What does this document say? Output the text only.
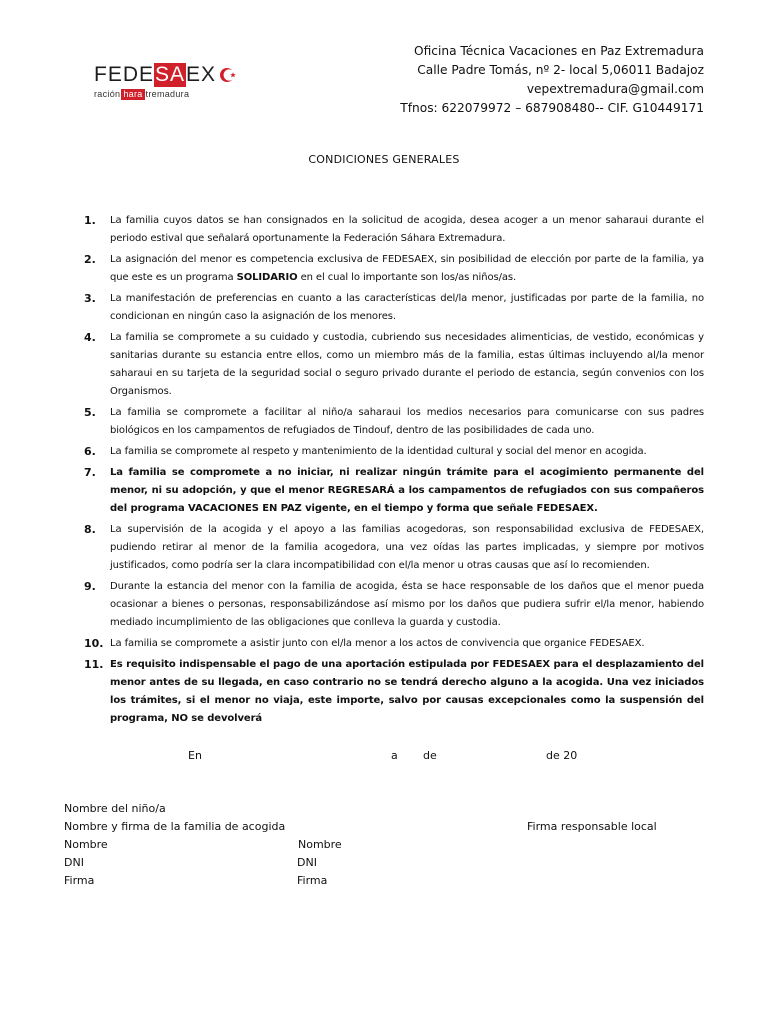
FEDE SA EX
ración hara tremadura
Oficina Técnica Vacaciones en Paz Extremadura
Calle Padre Tomás, nº 2- local 5,06011 Badajoz
vepextremadura@gmail.com
Tfnos: 622079972 – 687908480-- CIF. G10449171
CONDICIONES GENERALES
1.	La familia cuyos datos se han consignados en la solicitud de acogida, desea acoger a un menor saharaui durante el periodo estival que señalará oportunamente la Federación Sáhara Extremadura.
2.	La asignación del menor es competencia exclusiva de FEDESAEX, sin posibilidad de elección por parte de la familia, ya que este es un programa SOLIDARIO en el cual lo importante son los/as niños/as.
3.	La manifestación de preferencias en cuanto a las características del/la menor, justificadas por parte de la familia, no condicionan en ningún caso la asignación de los menores.
4.	La familia se compromete a su cuidado y custodia, cubriendo sus necesidades alimenticias, de vestido, económicas y sanitarias durante su estancia entre ellos, como un miembro más de la familia, estas últimas incluyendo al/la menor saharaui en su tarjeta de la seguridad social o seguro privado durante el periodo de estancia, según convenios con los Organismos.
5.	La familia se compromete a facilitar al niño/a saharaui los medios necesarios para comunicarse con sus padres biológicos en los campamentos de refugiados de Tindouf, dentro de las posibilidades de cada uno.
6.	La familia se compromete al respeto y mantenimiento de la identidad cultural y social del menor en acogida.
7.	La familia se compromete a no iniciar, ni realizar ningún trámite para el acogimiento permanente del menor, ni su adopción, y que el menor REGRESARÁ a los campamentos de refugiados con sus compañeros del programa VACACIONES EN PAZ vigente, en el tiempo y forma que señale FEDESAEX.
8.	La supervisión de la acogida y el apoyo a las familias acogedoras, son responsabilidad exclusiva de FEDESAEX, pudiendo retirar al menor de la familia acogedora, una vez oídas las partes implicadas, y siempre por motivos justificados, como podría ser la clara incompatibilidad con el/la menor u otras causas que así lo recomienden.
9.	Durante la estancia del menor con la familia de acogida, ésta se hace responsable de los daños que el menor pueda ocasionar a bienes o personas, responsabilizándose así mismo por los daños que pudiera sufrir el/la menor, habiendo mediado incumplimiento de las obligaciones que conlleva la guarda y custodia.
10. La familia se compromete a asistir junto con el/la menor a los actos de convivencia que organice FEDESAEX.
11. Es requisito indispensable el pago de una aportación estipulada por FEDESAEX para el desplazamiento del menor antes de su llegada, en caso contrario no se tendrá derecho alguno a la acogida. Una vez iniciados los trámites, si el menor no viaja, este importe, salvo por causas excepcionales como la suspensión del programa, NO se devolverá
En	a de	de 20
Nombre del niño/a
Nombre y firma de la familia de acogida	Firma responsable local
Nombre	Nombre
DNI	DNI
Firma	Firma
